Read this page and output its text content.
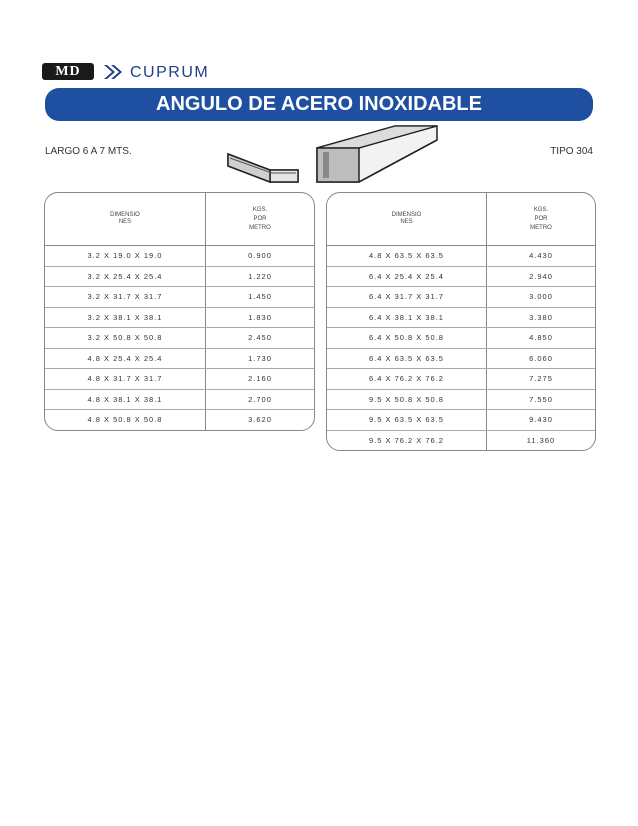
MD	CUPRUM
ANGULO DE ACERO INOXIDABLE
LARGO 6 A 7 MTS.	TIPO 304
DIMENSIO
NES
KGS.
POR
METRO
3.2 X 19.0 X 19.0	0.900
3.2 X 25.4 X 25.4	1.220
3.2 X 31.7 X 31.7	1.450
3.2 X 38.1 X 38.1	1.830
3.2 X 50.8 X 50.8	2.450
4.8 X 25.4 X 25.4	1.730
4.8 X 31.7 X 31.7	2.160
4.8 X 38.1 X 38.1	2.700
4.8 X 50.8 X 50.8	3.620
DIMENSIO
NES
KGS.
POR
METRO
4.8 X 63.5 X 63.5	4.430
6.4 X 25.4 X 25.4	2.940
6.4 X 31.7 X 31.7	3.000
6.4 X 38.1 X 38.1	3.380
6.4 X 50.8 X 50.8	4.850
6.4 X 63.5 X 63.5	6.060
6.4 X 76.2 X 76.2	7.275
9.5 X 50.8 X 50.8	7.550
9.5 X 63.5 X 63.5	9.430
9.5 X 76.2 X 76.2	11.360
